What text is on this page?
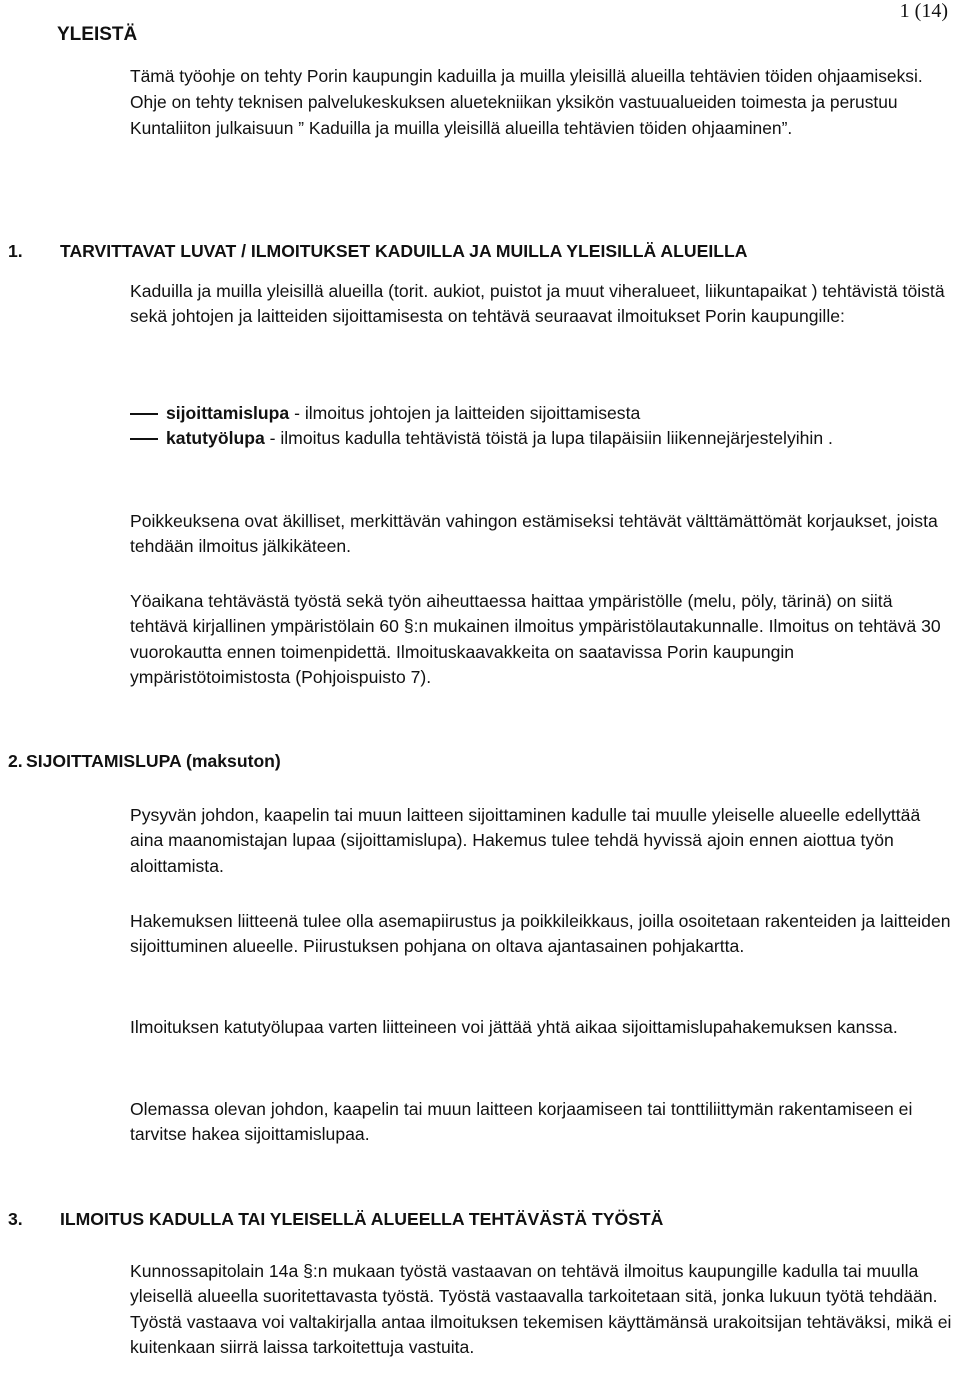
YLEISTÄ
1 (14)

Tämä työohje on tehty Porin kaupungin kaduilla ja muilla yleisillä alueilla tehtävien töiden ohjaamiseksi. Ohje on tehty teknisen palvelukeskuksen aluetekniikan yksikön vastuualueiden toimesta ja perustuu Kuntaliiton julkaisuun ” Kaduilla ja muilla yleisillä alueilla tehtävien töiden ohjaaminen”.

1. TARVITTAVAT LUVAT / ILMOITUKSET KADUILLA JA MUILLA YLEISILLÄ ALUEILLA

Kaduilla ja muilla yleisillä alueilla (torit. aukiot, puistot ja muut viheralueet, liikuntapaikat ) tehtävistä töistä sekä johtojen ja laitteiden sijoittamisesta on tehtävä seuraavat ilmoitukset Porin kaupungille:

sijoittamislupa - ilmoitus johtojen ja laitteiden sijoittamisesta
katutyölupa - ilmoitus kadulla tehtävistä töistä ja lupa tilapäisiin liikennejärjestelyihin .

Poikkeuksena ovat äkilliset, merkittävän vahingon estämiseksi tehtävät välttämättömät korjaukset, joista tehdään ilmoitus jälkikäteen.

Yöaikana tehtävästä työstä sekä työn aiheuttaessa haittaa ympäristölle (melu, pöly, tärinä) on siitä tehtävä kirjallinen ympäristölain 60 §:n mukainen ilmoitus ympäristölautakunnalle. Ilmoitus on tehtävä 30 vuorokautta ennen toimenpidettä. Ilmoituskaavakkeita on saatavissa Porin kaupungin ympäristötoimistosta (Pohjoispuisto 7).

2. SIJOITTAMISLUPA (maksuton)

Pysyvän johdon, kaapelin tai muun laitteen sijoittaminen kadulle tai muulle yleiselle alueelle edellyttää aina maanomistajan lupaa (sijoittamislupa). Hakemus tulee tehdä hyvissä ajoin ennen aiottua työn aloittamista.

Hakemuksen liitteenä tulee olla asemapiirustus ja poikkileikkaus, joilla osoitetaan rakenteiden ja laitteiden sijoittuminen alueelle. Piirustuksen pohjana on oltava ajantasainen pohjakartta.

Ilmoituksen katutyölupaa varten liitteineen voi jättää yhtä aikaa sijoittamislupahakemuksen kanssa.

Olemassa olevan johdon, kaapelin tai muun laitteen korjaamiseen tai tonttiliittymän rakentamiseen ei tarvitse hakea sijoittamislupaa.

3. ILMOITUS KADULLA TAI YLEISELLÄ ALUEELLA TEHTÄVÄSTÄ TYÖSTÄ

Kunnossapitolain 14a §:n mukaan työstä vastaavan on tehtävä ilmoitus kaupungille kadulla tai muulla yleisellä alueella suoritettavasta työstä. Työstä vastaavalla tarkoitetaan sitä, jonka lukuun työtä tehdään. Työstä vastaava voi valtakirjalla antaa ilmoituksen tekemisen käyttämänsä urakoitsijan tehtäväksi, mikä ei kuitenkaan siirrä laissa tarkoitettuja vastuita.
